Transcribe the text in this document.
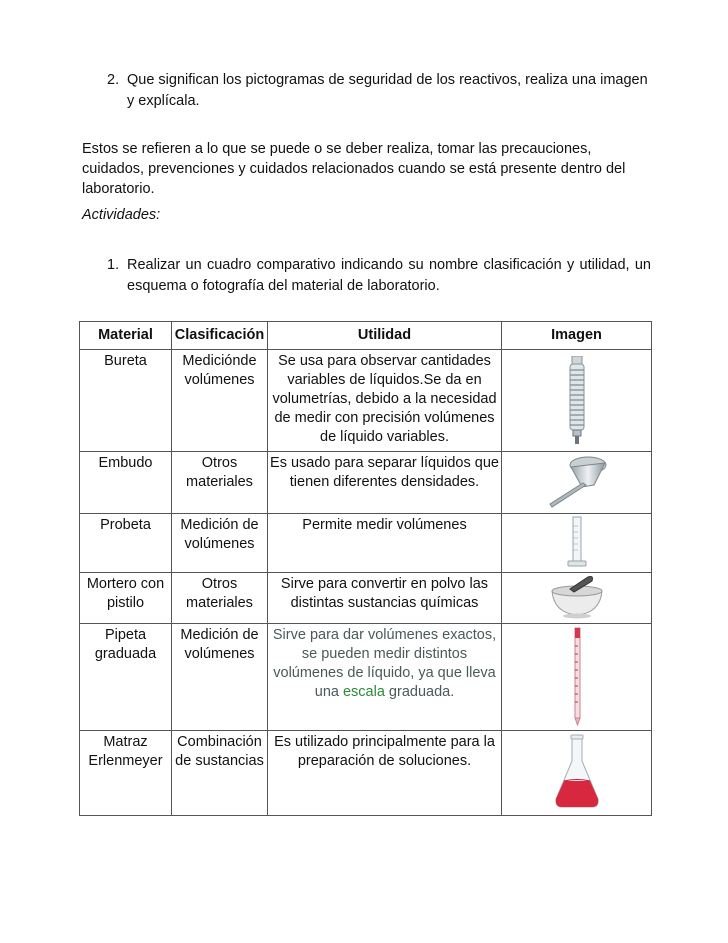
2. Que significan los pictogramas de seguridad de los reactivos, realiza una imagen y explícala.
Estos se refieren a lo que se puede o se deber realiza, tomar las precauciones, cuidados, prevenciones y cuidados relacionados cuando se está presente dentro del laboratorio.
Actividades:
1. Realizar un cuadro comparativo indicando su nombre clasificación y utilidad, un esquema o fotografía del material de laboratorio.
Material	Clasificación	Utilidad	Imagen
Bureta	Mediciónde volúmenes	Se usa para observar cantidades variables de líquidos.Se da en volumetrías, debido a la necesidad de medir con precisión volúmenes de líquido variables.	

Embudo	Otros materiales	Es usado para separar líquidos que tienen diferentes densidades.	

Probeta	Medición de volúmenes	Permite medir volúmenes	

Mortero con pistilo	Otros materiales	Sirve para convertir en polvo las distintas sustancias químicas	

Pipeta graduada	Medición de volúmenes	Sirve para dar volúmenes exactos, se pueden medir distintos volúmenes de líquido, ya que lleva una escala graduada.	

Matraz Erlenmeyer	Combinación de sustancias	Es utilizado principalmente para la preparación de soluciones.	
